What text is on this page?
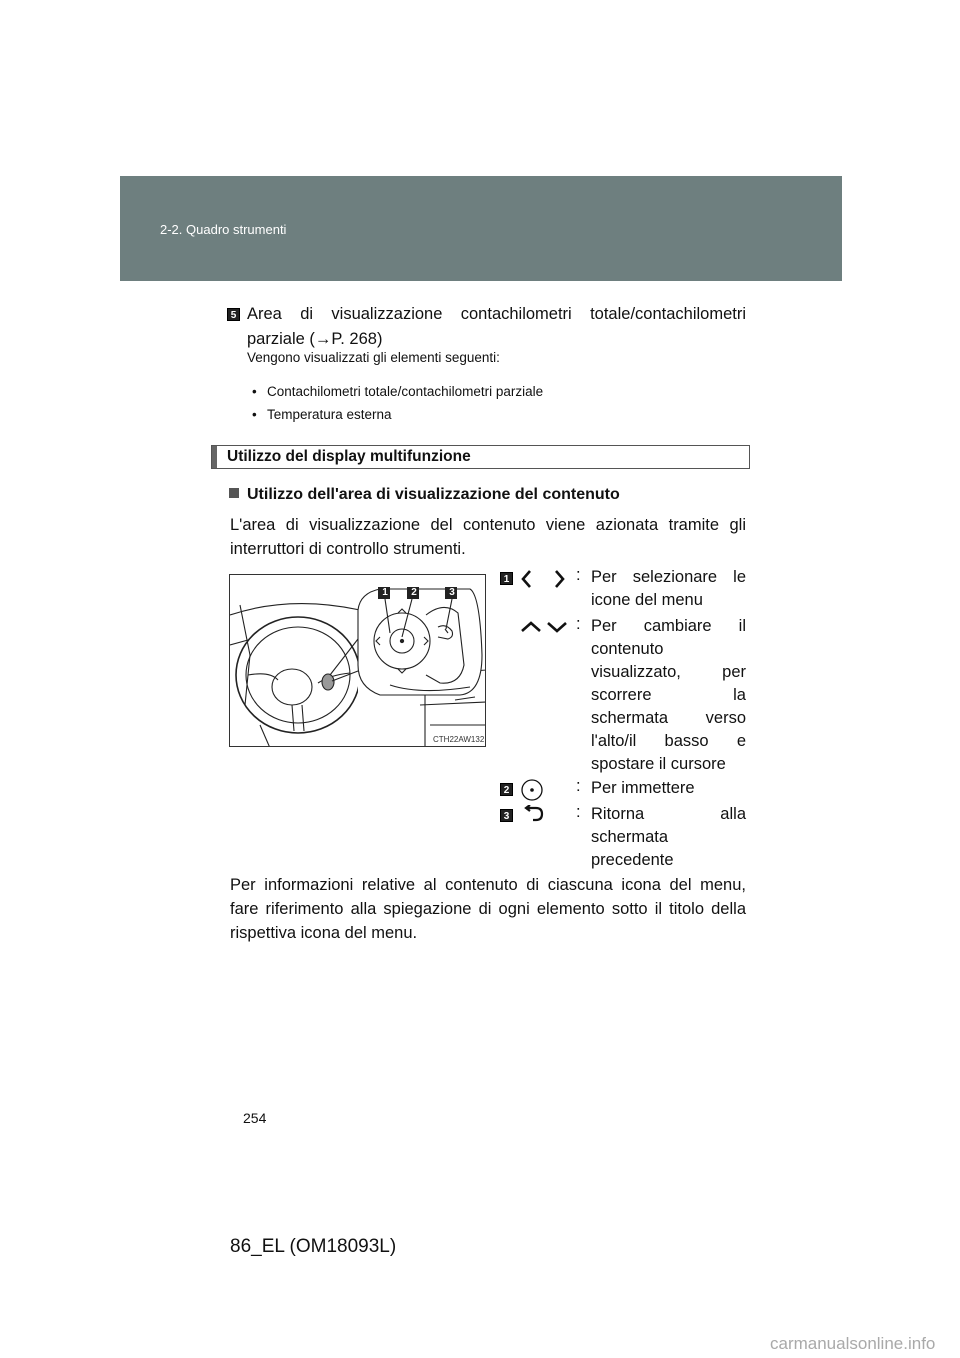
2-2. Quadro strumenti
5 Area di visualizzazione contachilometri totale/contachilometri
parziale (→P. 268)
Vengono visualizzati gli elementi seguenti:
• Contachilometri totale/contachilometri parziale
• Temperatura esterna
Utilizzo del display multifunzione
Utilizzo dell'area di visualizzazione del contenuto
L'area di visualizzazione del contenuto viene azionata tramite gli
interruttori di controllo strumenti.
1	2	3
CTH22AW132
1	: Per selezionare le
icone del menu
: Per cambiare il
contenuto
visualizzato, per
scorrere la
schermata verso
l'alto/il basso e
spostare il cursore
2	: Per immettere
3	: Ritorna alla
schermata
precedente
Per informazioni relative al contenuto di ciascuna icona del menu,
fare riferimento alla spiegazione di ogni elemento sotto il titolo della
rispettiva icona del menu.
254
86_EL (OM18093L)
carmanualsonline.info
